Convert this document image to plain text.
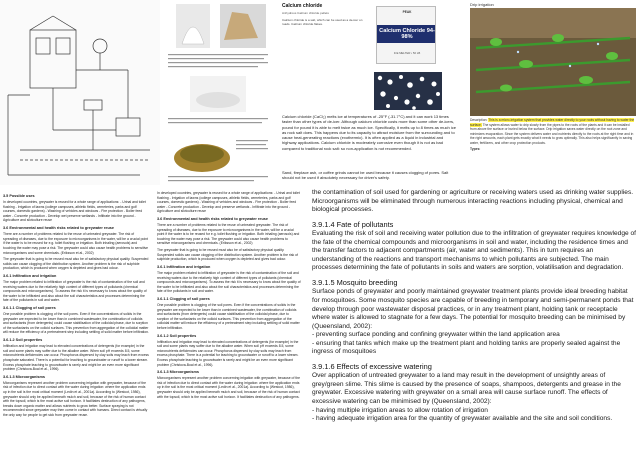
Calcium chloride
Anhydrous Calcium chloride pellets
Calcium chloride is a salt, which can be used as a de-icer on roads. Calcium chloride flakes.
PEAK
Calcium Chloride 94-98%
ICE MELTER • 50 LB
Calcium chloride (CaCl₂) melts ice at temperatures of -25°F (-31.7°C) and it can work 13 times faster than other types of de-icer. Although calcium chloride costs more than some other de-icers, pound for pound it is able to melt twice as much ice. Specifically, it melts up to 8 times as much ice as rock salt does. This happens due to its capacity to attract moisture from the surrounding and to cause heat-generating reactions (exothermic). It is often applied as a liquid in industrial and highway applications. Calcium chloride is moderately corrosive even though it is not as bad compared to traditional rock salt: so non-application is not recommended.
Sand, fireplace ash, or coffee grinds cannot be used because it causes clogging of pores. Salt should not be used if absolutely necessary for driver's safety.
Drip irrigation
Description: This is a micro-irrigation system that provides water directly to your roots without having to water the surface. The system allows water to drip slowly from the pipes to the roots of the plants and it can be installed from above the surface or buried below the surface. Drip irrigation saves water directly on the root zone and minimizes evaporation. Since the system delivers water and nutrients directly to the roots at the right time and in the right amounts, each plant gets exactly what it needs to grow optimally. This also helps significantly in saving water, fertilizers, and other crop protection products.
Types:
3.5 Possible uses

In developed countries, greywater is reused for a whole range of applications: - Urinal and toilet flushing - Irrigation of lawns (college campuses, athletic fields, cemeteries, parks and golf courses, domestic gardens) - Washing of vehicles and windows - Fire protection - Boiler feed water - Concrete production - Develop wet preserve wetlands - Infiltrate into the ground - Agriculture and silviculture reuse

3.6 Environmental and health risks related to greywater reuse

There are a number of problems related to the reuse of untreated greywater. The risk of spreading of diseases, due to the exposure to microorganisms in the water, will be a crucial point if the water is to be reused for e.g. toilet flushing or irrigation. Both inhaling (aerosols) and touching the water may pose a risk. The greywater could also cause health problems to sensitive microorganisms and some chemicals. (Eriksson et al., 2002)

The greywater that is going to be reused must also be of satisfactory physical quality. Suspended solids can cause clogging of the distribution system. Another problem is the risk of sulphide production, which is produced when oxygen is depleted and gives bad odour.

3.6.1 Infiltration and irrigation

The major problem related to infiltration of greywater is the risk of contamination of the soil and receiving waters due to the relatively high content of different types of pollutants (chemical compounds and microorganisms). To assess the risk it is necessary to know about the quality of the water to be infiltrated and also about the soil characteristics and processes determining the fate of the pollutants in soil and water.

3.6.1.1 Clogging of soil pores

One possible problem is clogging of the soil pores. Even if the concentrations of solids in the greywater are expected to be lower than in combined wastewater, the combination of colloids and surfactants (from detergents) could cause stabilisation of the colloidal phase, due to sorption of the surfactants on the colloid surfaces. This prevention from aggregation of the colloidal matter will reduce the efficiency of a pretreatment step including settling of solid matter before infiltration.

3.6.1.2 Soil properties

Infiltration and irrigation may lead to elevated concentrations of detergents (for example) in the soil and some plants may suffer due to the alkaline water. When soil pH exceeds 8.5, some micronutrients deficiencies can occur. Phosphorus dispersed by clay soils may leach from excess phosphate saturated. There is a potential for leaching to groundwater or runoff to a lower stream. Excess phosphate leaching to groundwater is rarely and might be an even more significant problem (Christova-Boal et al., 1996).

3.6.1.3 Microorganisms

Microorganisms represent another problem concerning irrigation with greywater, because of the risk of infection due to direct contact with the water during irrigation: where the application ends up in the soil is the most critical moment (Ledin et al., 2001a). According to (Westcot, 1986), greywater should only be applied beneath mulch and soil, because of the risk of human contact with the topsoil, which is the most active soil horizon. It facilitates destruction of any pathogens, breaks down organic matter and allows nutrients to grow better. Surface spraying is not recommended since greywater may then come in contact with humans. Direct contact is virtually the only way for people to get sick from greywater reuse.

In developed countries, greywater is reused for a whole range of applications: - Urinal and toilet flushing - Irrigation of lawns (college campuses, athletic fields, cemeteries, parks and golf courses, domestic gardens) - Washing of vehicles and windows - Fire protection - Boiler feed water - Concrete production - Develop and preserve wetlands - Infiltrate into the ground - Agriculture and silviculture reuse

3.6 Environmental and health risks related to greywater reuse

There are a number of problems related to the reuse of untreated greywater. The risk of spreading of diseases, due to the exposure to microorganisms in the water, will be a crucial point if the water is to be reused for e.g. toilet flushing or irrigation. Both inhaling (aerosols) and touching the water may pose a risk. The greywater could also cause health problems to sensitive microorganisms and chemicals. (Eriksson et al., 2002)

The greywater that is going to be reused must also be of satisfactory physical quality. Suspended solids can cause clogging of the distribution system. Another problem is the risk of sulphide production, which is produced when oxygen is depleted and gives bad odour.

3.6.1 Infiltration and irrigation

The major problem related to infiltration of greywater is the risk of contamination of the soil and receiving waters due to the relatively high content of different types of pollutants (chemical compounds and microorganisms). To assess the risk it is necessary to know about the quality of the water to be infiltrated and also about the soil characteristics and processes determining the fate of the pollutants in soil and water.

3.6.1.1 Clogging of soil pores

One possible problem is clogging of the soil pores. Even if the concentrations of solids in the greywater are expected to be lower than in combined wastewater, the combination of colloids and surfactants (from detergents) could cause stabilisation of the colloidal phase, due to sorption of the surfactants on the colloid surfaces. This prevention from aggregation of the colloidal matter will reduce the efficiency of a pretreatment step including settling of solid matter before infiltration.

3.6.1.2 Soil properties

Infiltration and irrigation may lead to elevated concentrations of detergents (for example) in the soil and some plants may suffer due to the alkaline water. When soil pH exceeds 8.5, some micronutrients deficiencies can occur. Phosphorus dispersed by clay soils may leach from excess phosphate. There is a potential for leaching to groundwater or runoff to a lower stream. Excess phosphate leaching to groundwater is rarely and might be an even more significant problem (Christova-Boal et al., 1996).

3.6.1.3 Microorganisms

Microorganisms represent another problem concerning irrigation with greywater, because of the risk of infection due to direct contact with the water during irrigation: where the application ends up in the soil is the most critical moment (Ledin et al., 2001a). According to (Westcot, 1986), greywater should only be applied beneath mulch and soil, because of the risk of human contact with the topsoil, which is the most active soil horizon. It facilitates destruction of any pathogens.

the contamination of soil used for gardening or agriculture or receiving waters used as drinking water supplies. Microorganisms will be eliminated through numerous interacting reactions including physical, chemical and biological processes.

3.9.1.4 Fate of pollutants

Evaluating the risk of soil and receiving water pollution due to the infiltration of greywater requires knowledge of the fate of the chemical compounds and microorganisms in soil and water, including the residence times and the transfer factors to adjacent compartments (air, water and sediments). This in turn requires an understanding of the reactions and transport mechanisms to which pollutants are subjected. The main processes determining the fate of pollutants in soils and waters are sorption, volatilisation and degradation.

3.9.1.5 Mosquito breeding

Surface ponds of greywater and poorly maintained greywater treatment plants provide ideal breeding habitat for mosquitoes. Some mosquito species are capable of breeding in temporary and semi-permanent ponds that develop through poor wastewater disposal practices, or in any treatment plant, holding tank or receptacle where water is allowed to stagnate for a few days. The potential for mosquito breeding can be minimised by (Queensland, 2002):

- preventing surface ponding and confining greywater within the land application area
- ensuring that tanks which make up the treatment plant and holding tanks are properly sealed against the ingress of mosquitoes
3.9.1.6 Effects of excessive watering

Over application of untreated greywater to a land may result in the development of unsightly areas of grey/green slime. This slime is caused by the presence of soaps, shampoos, detergents and grease in the greywater. Excessive watering with greywater on a small area will cause surface runoff. The effects of excessive watering can be minimised by (Queensland, 2002):

- having multiple irrigation areas to allow rotation of irrigation
- having adequate irrigation area for the quantity of greywater available and the site and soil conditions.
